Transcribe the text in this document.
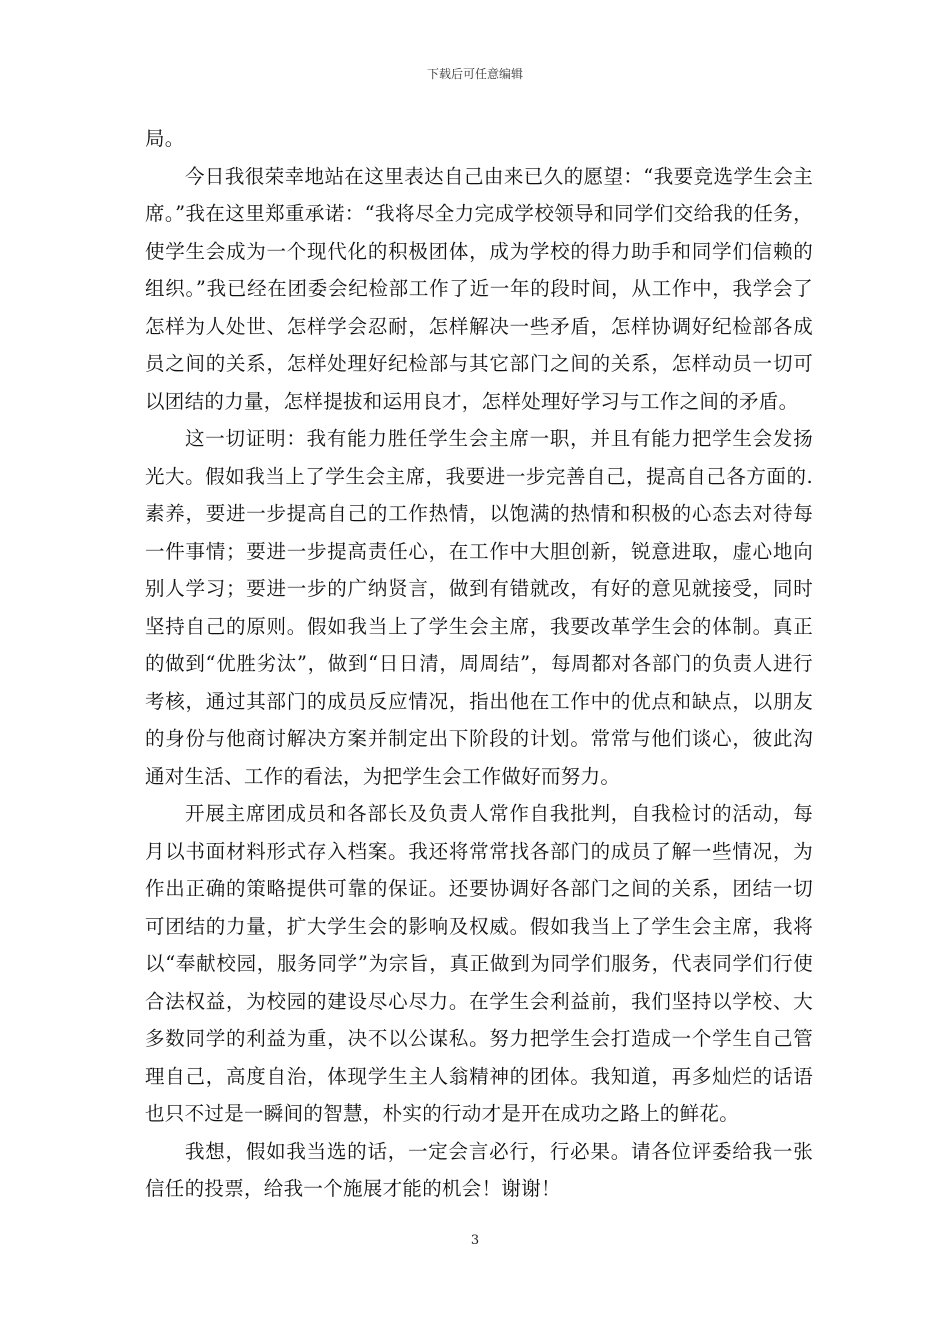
下载后可任意编辑

局。

今日我很荣幸地站在这里表达自己由来已久的愿望：“我要竞选学生会主席。”我在这里郑重承诺：“我将尽全力完成学校领导和同学们交给我的任务，使学生会成为一个现代化的积极团体，成为学校的得力助手和同学们信赖的组织。”我已经在团委会纪检部工作了近一年的段时间，从工作中，我学会了怎样为人处世、怎样学会忍耐，怎样解决一些矛盾，怎样协调好纪检部各成员之间的关系，怎样处理好纪检部与其它部门之间的关系，怎样动员一切可以团结的力量，怎样提拔和运用良才，怎样处理好学习与工作之间的矛盾。

这一切证明：我有能力胜任学生会主席一职，并且有能力把学生会发扬光大。假如我当上了学生会主席，我要进一步完善自己，提高自己各方面的.素养，要进一步提高自己的工作热情，以饱满的热情和积极的心态去对待每一件事情；要进一步提高责任心，在工作中大胆创新，锐意进取，虚心地向别人学习；要进一步的广纳贤言，做到有错就改，有好的意见就接受，同时坚持自己的原则。假如我当上了学生会主席，我要改革学生会的体制。真正的做到“优胜劣汰”，做到“日日清，周周结”，每周都对各部门的负责人进行考核，通过其部门的成员反应情况，指出他在工作中的优点和缺点，以朋友的身份与他商讨解决方案并制定出下阶段的计划。常常与他们谈心，彼此沟通对生活、工作的看法，为把学生会工作做好而努力。

开展主席团成员和各部长及负责人常作自我批判，自我检讨的活动，每月以书面材料形式存入档案。我还将常常找各部门的成员了解一些情况，为作出正确的策略提供可靠的保证。还要协调好各部门之间的关系，团结一切可团结的力量，扩大学生会的影响及权威。假如我当上了学生会主席，我将以“奉献校园，服务同学”为宗旨，真正做到为同学们服务，代表同学们行使合法权益，为校园的建设尽心尽力。在学生会利益前，我们坚持以学校、大多数同学的利益为重，决不以公谋私。努力把学生会打造成一个学生自己管理自己，高度自治，体现学生主人翁精神的团体。我知道，再多灿烂的话语也只不过是一瞬间的智慧，朴实的行动才是开在成功之路上的鲜花。

我想，假如我当选的话，一定会言必行，行必果。请各位评委给我一张信任的投票，给我一个施展才能的机会！谢谢！

3
